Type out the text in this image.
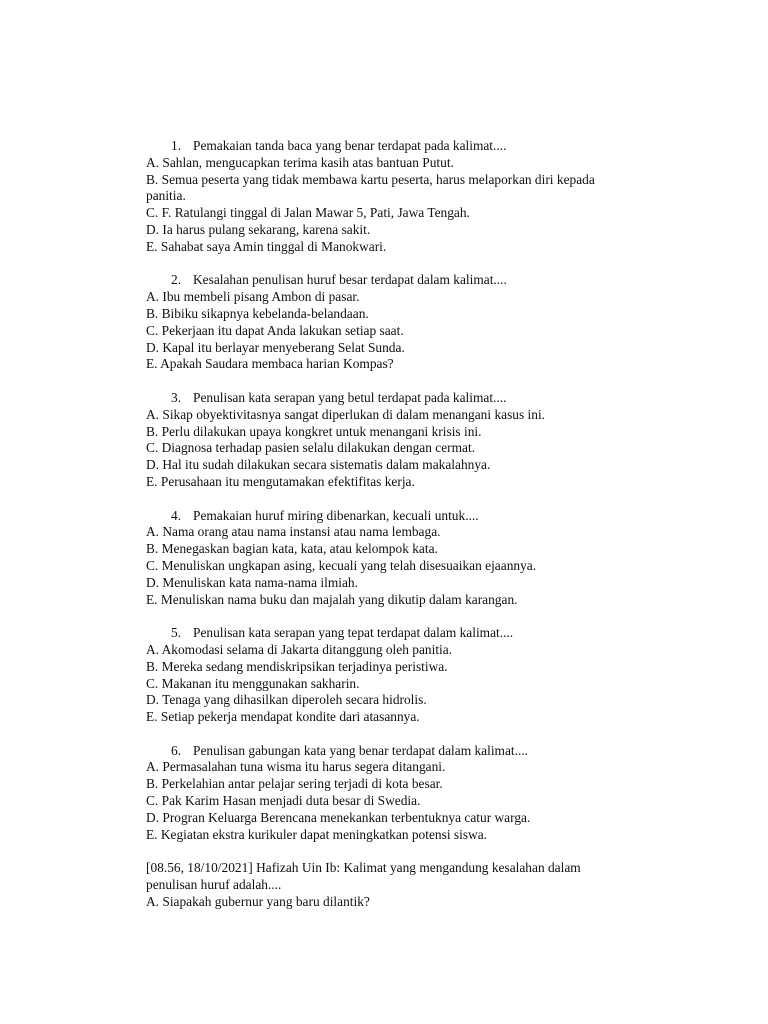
1. Pemakaian tanda baca yang benar terdapat pada kalimat....
A. Sahlan, mengucapkan terima kasih atas bantuan Putut.
B. Semua peserta yang tidak membawa kartu peserta, harus melaporkan diri kepada panitia.
C. F. Ratulangi tinggal di Jalan Mawar 5, Pati, Jawa Tengah.
D. Ia harus pulang sekarang, karena sakit.
E. Sahabat saya Amin tinggal di Manokwari.
2. Kesalahan penulisan huruf besar terdapat dalam kalimat....
A. Ibu membeli pisang Ambon di pasar.
B. Bibiku sikapnya kebelanda-belandaan.
C. Pekerjaan itu dapat Anda lakukan setiap saat.
D. Kapal itu berlayar menyeberang Selat Sunda.
E. Apakah Saudara membaca harian Kompas?
3. Penulisan kata serapan yang betul terdapat pada kalimat....
A. Sikap obyektivitasnya sangat diperlukan di dalam menangani kasus ini.
B. Perlu dilakukan upaya kongkret untuk menangani krisis ini.
C. Diagnosa terhadap pasien selalu dilakukan dengan cermat.
D. Hal itu sudah dilakukan secara sistematis dalam makalahnya.
E. Perusahaan itu mengutamakan efektifitas kerja.
4. Pemakaian huruf miring dibenarkan, kecuali untuk....
A. Nama orang atau nama instansi atau nama lembaga.
B. Menegaskan bagian kata, kata, atau kelompok kata.
C. Menuliskan ungkapan asing, kecuali yang telah disesuaikan ejaannya.
D. Menuliskan kata nama-nama ilmiah.
E. Menuliskan nama buku dan majalah yang dikutip dalam karangan.
5. Penulisan kata serapan yang tepat terdapat dalam kalimat....
A. Akomodasi selama di Jakarta ditanggung oleh panitia.
B. Mereka sedang mendiskripsikan terjadinya peristiwa.
C. Makanan itu menggunakan sakharin.
D. Tenaga yang dihasilkan diperoleh secara hidrolis.
E. Setiap pekerja mendapat kondite dari atasannya.
6. Penulisan gabungan kata yang benar terdapat dalam kalimat....
A. Permasalahan tuna wisma itu harus segera ditangani.
B. Perkelahian antar pelajar sering terjadi di kota besar.
C. Pak Karim Hasan menjadi duta besar di Swedia.
D. Progran Keluarga Berencana menekankan terbentuknya catur warga.
E. Kegiatan ekstra kurikuler dapat meningkatkan potensi siswa.
[08.56, 18/10/2021] Hafizah Uin Ib: Kalimat yang mengandung kesalahan dalam penulisan huruf adalah....
A. Siapakah gubernur yang baru dilantik?
